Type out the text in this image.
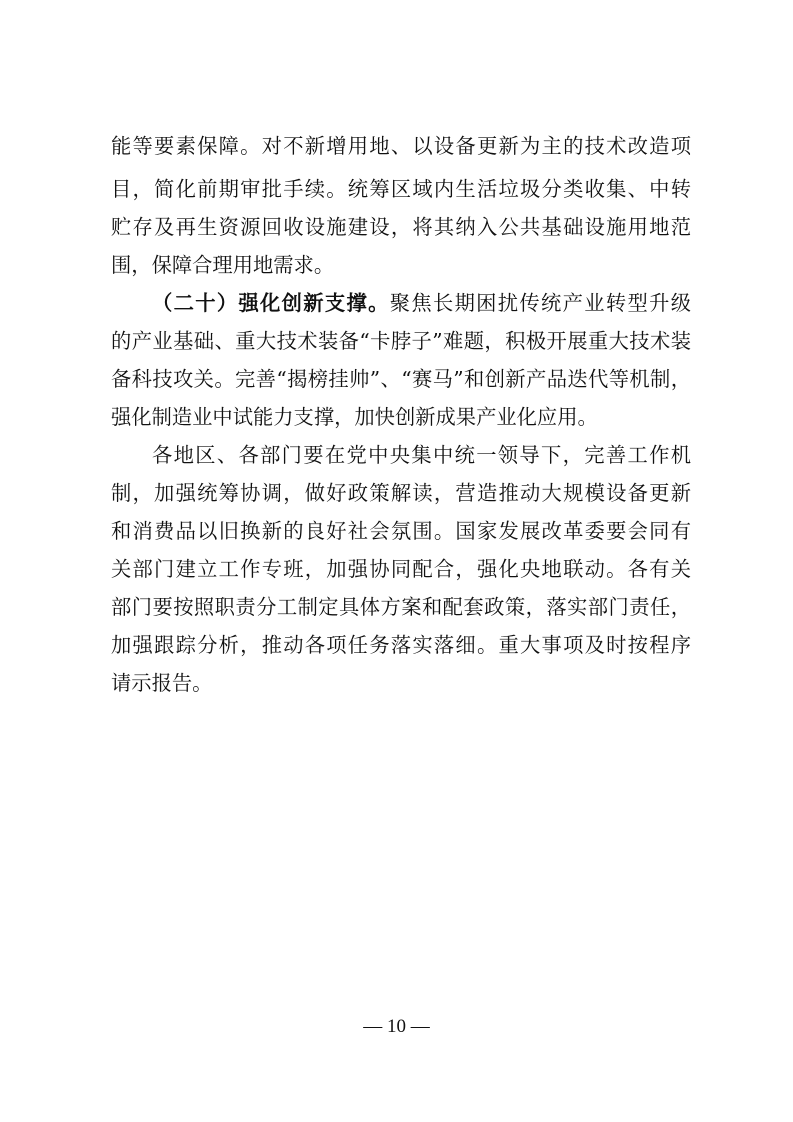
能等要素保障。对不新增用地、以设备更新为主的技术改造项
目，简化前期审批手续。统筹区域内生活垃圾分类收集、中转
贮存及再生资源回收设施建设，将其纳入公共基础设施用地范
围，保障合理用地需求。
（二十）强化创新支撑。聚焦长期困扰传统产业转型升级
的产业基础、重大技术装备“卡脖子”难题，积极开展重大技术装
备科技攻关。完善“揭榜挂帅”、“赛马”和创新产品迭代等机制，
强化制造业中试能力支撑，加快创新成果产业化应用。
各地区、各部门要在党中央集中统一领导下，完善工作机
制，加强统筹协调，做好政策解读，营造推动大规模设备更新
和消费品以旧换新的良好社会氛围。国家发展改革委要会同有
关部门建立工作专班，加强协同配合，强化央地联动。各有关
部门要按照职责分工制定具体方案和配套政策，落实部门责任，
加强跟踪分析，推动各项任务落实落细。重大事项及时按程序
请示报告。
— 10 —
